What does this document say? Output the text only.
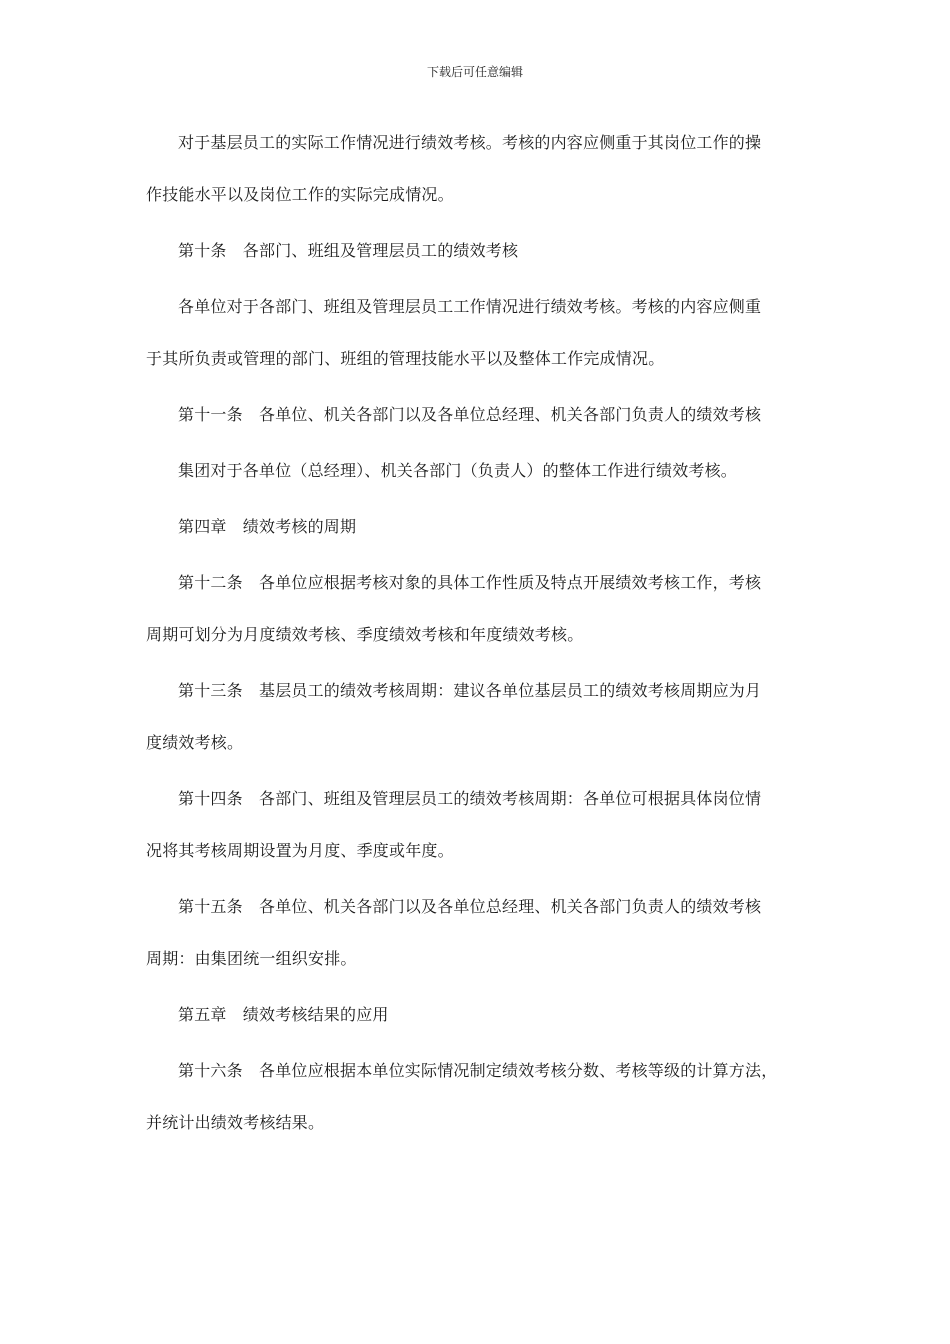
下载后可任意编辑

对于基层员工的实际工作情况进行绩效考核。考核的内容应侧重于其岗位工作的操
作技能水平以及岗位工作的实际完成情况。

第十条　各部门、班组及管理层员工的绩效考核

各单位对于各部门、班组及管理层员工工作情况进行绩效考核。考核的内容应侧重
于其所负责或管理的部门、班组的管理技能水平以及整体工作完成情况。

第十一条　各单位、机关各部门以及各单位总经理、机关各部门负责人的绩效考核

集团对于各单位（总经理）、机关各部门（负责人）的整体工作进行绩效考核。

第四章　绩效考核的周期

第十二条　各单位应根据考核对象的具体工作性质及特点开展绩效考核工作，考核
周期可划分为月度绩效考核、季度绩效考核和年度绩效考核。

第十三条　基层员工的绩效考核周期：建议各单位基层员工的绩效考核周期应为月
度绩效考核。

第十四条　各部门、班组及管理层员工的绩效考核周期：各单位可根据具体岗位情
况将其考核周期设置为月度、季度或年度。

第十五条　各单位、机关各部门以及各单位总经理、机关各部门负责人的绩效考核
周期：由集团统一组织安排。

第五章　绩效考核结果的应用

第十六条　各单位应根据本单位实际情况制定绩效考核分数、考核等级的计算方法，
并统计出绩效考核结果。
